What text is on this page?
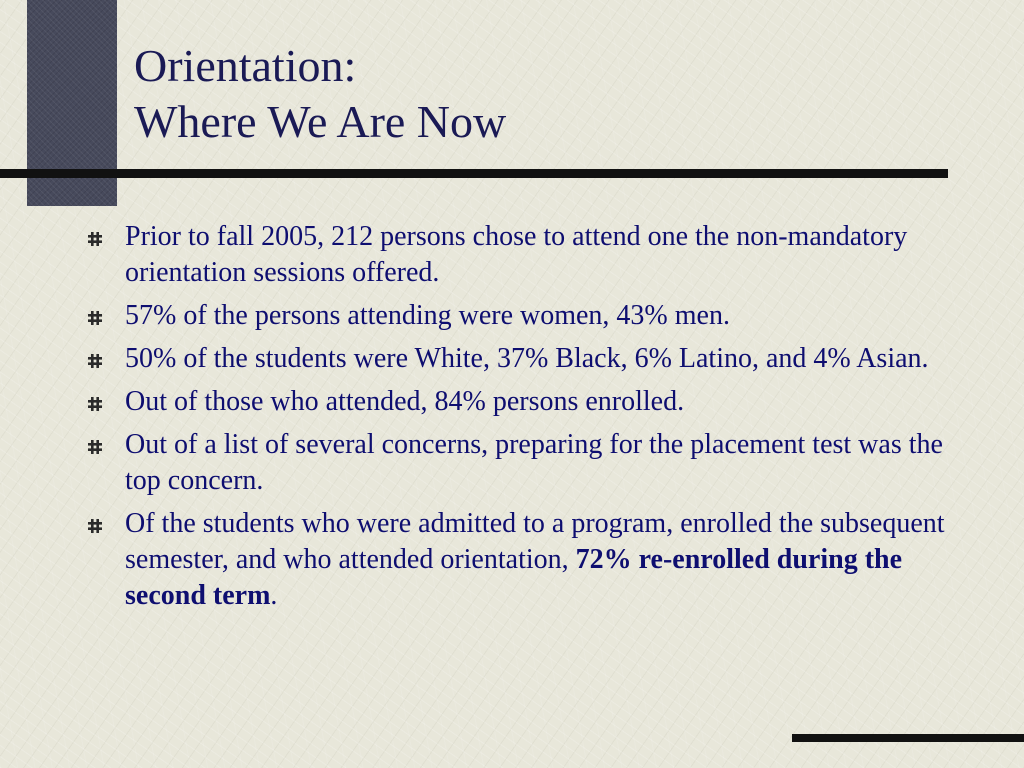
Orientation:
Where We Are Now
Prior to fall 2005, 212 persons chose to attend one the non-mandatory orientation sessions offered.
57% of the persons attending were women, 43% men.
50% of the students were White, 37% Black, 6% Latino, and 4% Asian.
Out of those who attended, 84% persons enrolled.
Out of a list of several concerns, preparing for the placement test was the top concern.
Of the students who were admitted to a program, enrolled the subsequent semester, and who attended orientation, 72% re-enrolled during the second term.
